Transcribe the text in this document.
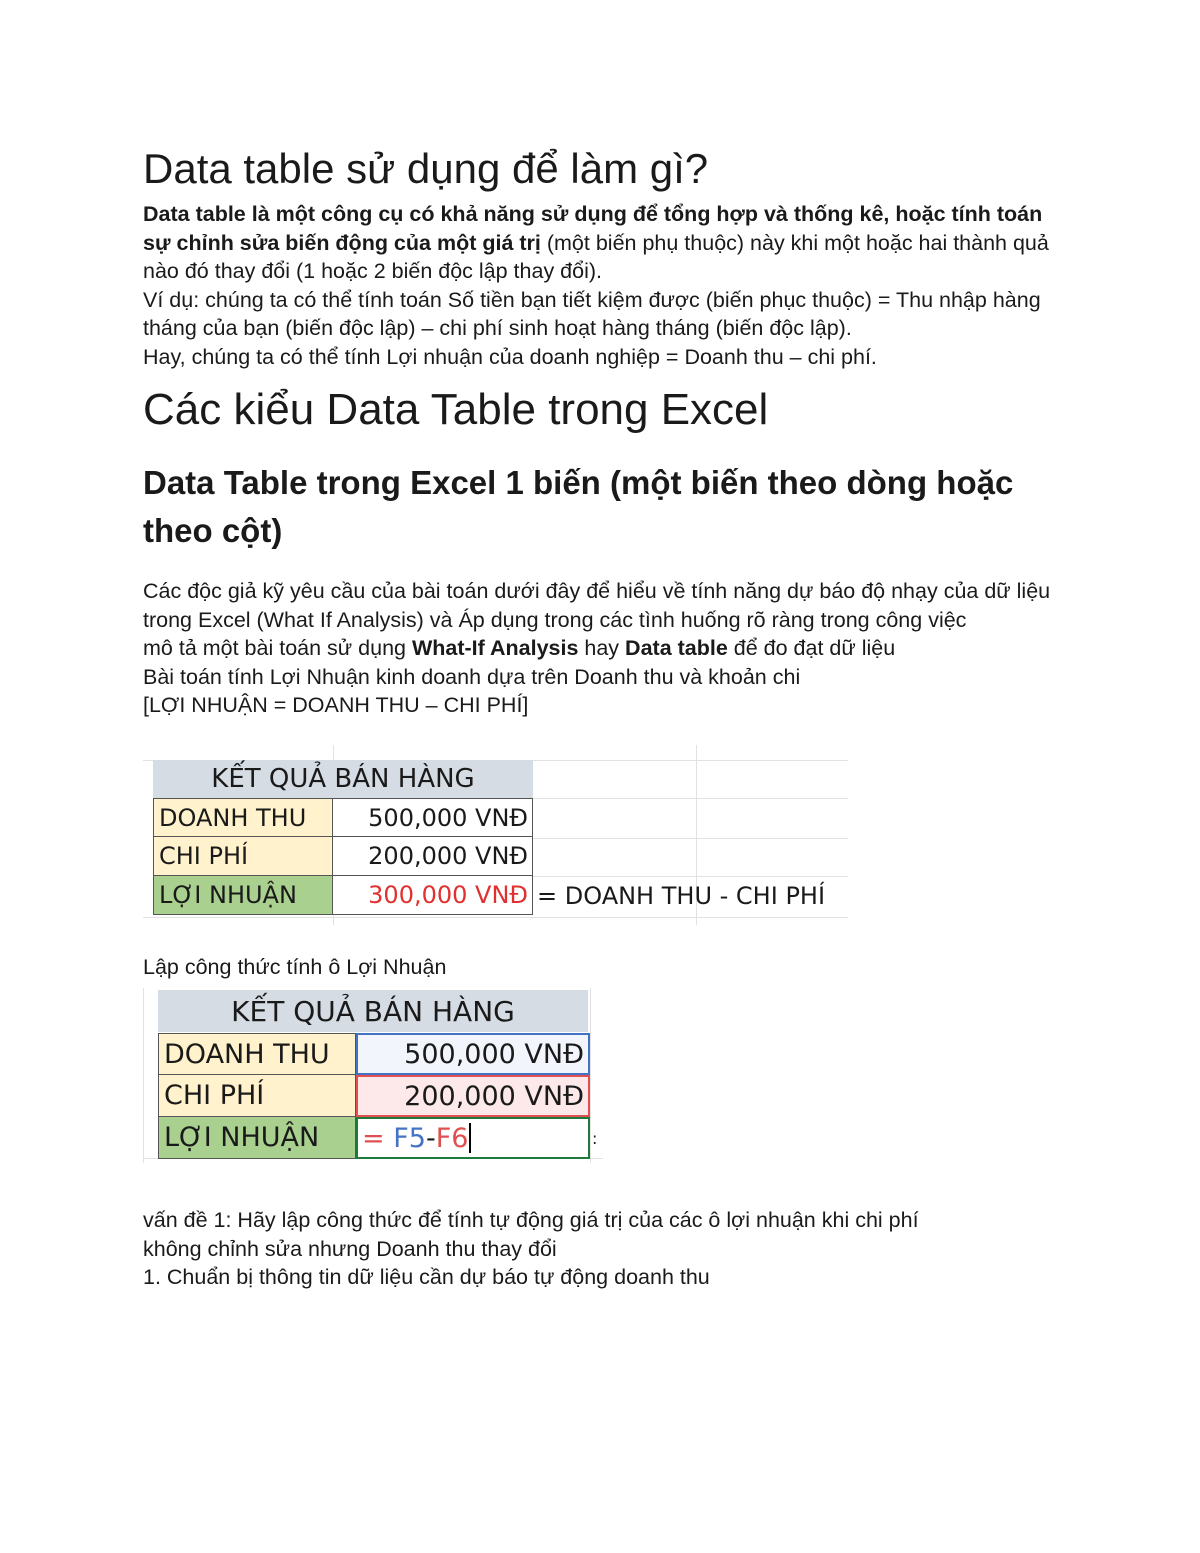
Data table sử dụng để làm gì?

Data table là một công cụ có khả năng sử dụng để tổng hợp và thống kê, hoặc tính toán sự chỉnh sửa biến động của một giá trị (một biến phụ thuộc) này khi một hoặc hai thành quả nào đó thay đổi (1 hoặc 2 biến độc lập thay đổi).

Ví dụ: chúng ta có thể tính toán Số tiền bạn tiết kiệm được (biến phục thuộc) = Thu nhập hàng tháng của bạn (biến độc lập) – chi phí sinh hoạt hàng tháng (biến độc lập).

Hay, chúng ta có thể tính Lợi nhuận của doanh nghiệp = Doanh thu – chi phí.

Các kiểu Data Table trong Excel
Data Table trong Excel 1 biến (một biến theo dòng hoặc theo cột)

Các độc giả kỹ yêu cầu của bài toán dưới đây để hiểu về tính năng dự báo độ nhạy của dữ liệu trong Excel (What If Analysis) và Áp dụng trong các tình huống rõ ràng trong công việc

mô tả một bài toán sử dụng What-If Analysis hay Data table để đo đạt dữ liệu

Bài toán tính Lợi Nhuận kinh doanh dựa trên Doanh thu và khoản chi

[LỢI NHUẬN = DOANH THU – CHI PHÍ]

KẾT QUẢ BÁN HÀNG
DOANH THU	500,000 VNĐ
CHI PHÍ	200,000 VNĐ
LỢI NHUẬN	300,000 VNĐ = DOANH THU - CHI PHÍ
Lập công thức tính ô Lợi Nhuận
KẾT QUẢ BÁN HÀNG
DOANH THU	500,000 VNĐ
CHI PHÍ	200,000 VNĐ
LỢI NHUẬN	= F5 - F6	:
vấn đề 1: Hãy lập công thức để tính tự động giá trị của các ô lợi nhuận khi chi phí không chỉnh sửa nhưng Doanh thu thay đổi
1. Chuẩn bị thông tin dữ liệu cần dự báo tự động doanh thu
